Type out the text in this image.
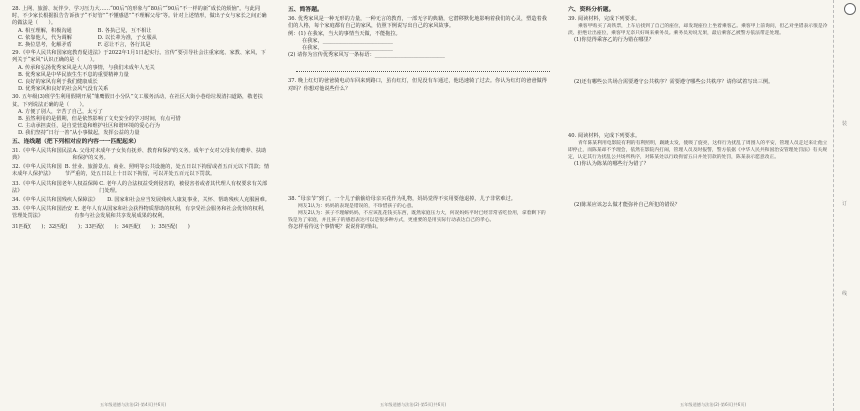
28. 上网、旅游、玩伴少、学习压力大……“00后”的形象与“80后”“90后”不一样的新“成长的烦恼”。与此同时，不少家长根据报告告诉孩子“不好管”“不懂感恩”“不理解父母”等。针对上述情形，做出子女与家长之间正确的做法是（　　）。
A. 相互理解，积极沟通　　　　　B. 各执己见，互不相让
C. 依靠他人，代为调解　　　　　D. 以长辈为准，子女服从
E. 换位思考，化解矛盾　　　　　F. 忍让不言，各行其是
29.《中华人民共和国家庭教育促进法》于2022年1月1日起实行。宣传“要引导社会注重家庭、家教、家风，下列关于“家风”认识正确的是（　　）。
A. 传承和弘扬优秀家风是大人的事情，与我们未成年人无关
B. 优秀家风是中华民族生生不息的重要精神力量
C. 良好的家风有利于我们健康成长
D. 优秀家风和良好的社会风气没有关系
30. 五年级(3)班学生利用假期开展“雏鹰假日小分队”文工服务活动，在社区大街小巷给垃圾清扫道路，敬老扶贫。下列说法正确的是（　　）。
A. 方便了别人，辛苦了自己，太亏了
B. 虽然利用的是假期，但是依然影响了文史安全的学习时间，有点可惜
C. 主动承担责任，是自觉营造和维护社区和谐环境的爱心行为
D. 我们坚持“日行一善”从小事做起，发挥公益的力量
五、连线题（把下列相对应的内容一一匹配起来）
31.《中华人民共和国民法典》
A. 父母对未成年子女负有抚养、教育和保护的义务。成年子女对父母负有赡养、扶助和保护的义务。
32.《中华人民共和国未成年人保护法》
B. 营业、旅游景点、商业、照明等公共设施的，处五日以下拘留或者五百元以下罚款；情节严重的，处五日以上十日以下拘留，可以并处五百元以下罚款。
33.《中华人民共和国老年人权益保障法》
C. 老年人的合法权益受到侵害的，被侵害者或者其代理人有权要求有关部门处理。
34.《中华人民共和国残疾人保障法》 D. 国家和社会应当发展残疾人康复事业，关怀、帮助残疾人克服困难。
35.《中华人民共和国治安管理处罚法》
E. 老年人有从国家和社会获得物质帮助的权利，有享受社会服务和社会优待的权利，有参与社会发展和共享发展成果的权利。
31匹配(　　)；32匹配(　　)；33匹配(　　)；34匹配(　　)；35匹配(　　)
五、简答题。
36. 优秀家风是一种无形的力量，一种无言的教育，一部无字的典籍，它潜移默化地影响着我们的心灵，塑造着我们的人格，每个家庭都有自己的家风，仿照下例说写出自己的家风故事。
例：(1) 在我家，当大的事情当天做，不能拖拉。
在我家，___________________________
在我家，___________________________
(2) 请你为宣传优秀家风写一条标语：___________________________
37. 晚上红灯的爸爸骑电动车回来到路口，虽有红灯，但见没有车通过，他迅速骑了过去。你认为红灯的爸爸做得对吗？你想对他说些什么？
38. “母亲节”到了，一个儿子偷偷给母亲买花作为礼物，妈妈觉得不实用要他退掉，儿子非常难过。
网友1认为：妈妈的表现是错误的，不珍惜孩子的心意。
网友2认为：孩子不理解妈妈，不应该乱花钱买东西，既然家庭压力大，何况妈妈平时已经非常省吃俭用，拿着剩下的钱是为了家庭，并且孩子的感恩表达可以是很多种方式，更重要的是用实际行动表达自己的孝心。
你怎样看待这个事情呢？说说你的理由。
六、资料分析题。
39. 阅读材料，完成下列要求。
乘客甲购买了高铁票，上车后找到了自己的座位，却发现座位上坐着乘客乙。乘客甲上前询问，但乙对坐错表示很是冷淡、拒绝让出座位，乘客甲无奈只好叫来乘务员。乘务员劝说无果，最后乘客乙被警方依法带走处理。
(1)你觉得乘客乙的行为错在哪里？
(2)还有哪些公共场合需要遵守公共秩序？需要遵守哪些公共秩序？请你试着写出三例。
40. 阅读材料，完成下列要求。
青年陈某利用电影院有利的有利照明，踢跳太发，使吸了旋亮，这样行为扰乱了周围人的平安，管理人员走过来让他立即停止，而陈某却不予理会，依然在影院内打闹，管理人员及时报警，警方依据《中华人民共和国治安管理处罚法》有关规定，认定其行为扰乱公共场所秩序，对陈某处以行政拘留五日并处罚款的处罚，陈某表示愿意改正。
(1)你认为陈某的哪些行为错了？
(2)陈某应该怎么做才能弥补自己所犯的错误？
五年级道德与法治(2)·第4页(共6页)	五年级道德与法治(2)·第5页(共6页)	五年级道德与法治(2)·第6页(共6页)
装
订
线
